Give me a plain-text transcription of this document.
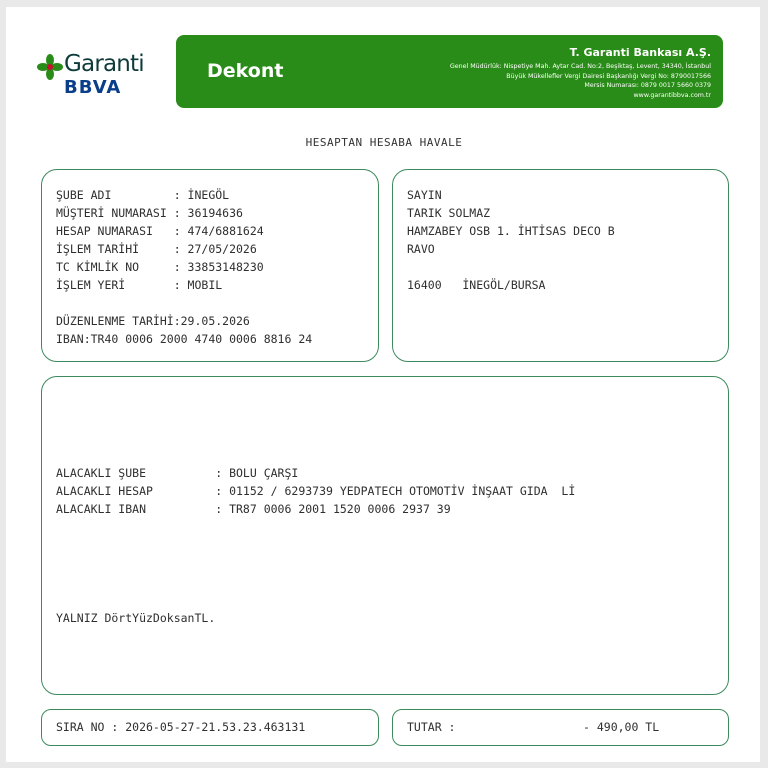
Garanti
BBVA
Dekont
T. Garanti Bankası A.Ş.
Genel Müdürlük: Nispetiye Mah. Aytar Cad. No:2, Beşiktaş, Levent, 34340, İstanbul
Büyük Mükellefler Vergi Dairesi Başkanlığı Vergi No: 8790017566
Mersis Numarası: 0879 0017 5660 0379
www.garantibbva.com.tr
HESAPTAN HESABA HAVALE
ŞUBE ADI         : İNEGÖL
MÜŞTERİ NUMARASI : 36194636
HESAP NUMARASI   : 474/6881624
İŞLEM TARİHİ     : 27/05/2026
TC KİMLİK NO     : 33853148230
İŞLEM YERİ       : MOBIL
DÜZENLENME TARİHİ:29.05.2026
IBAN:TR40 0006 2000 4740 0006 8816 24
SAYIN
TARIK SOLMAZ
HAMZABEY OSB 1. İHTİSAS DECO B
RAVO
16400   İNEGÖL/BURSA
ALACAKLI ŞUBE          : BOLU ÇARŞI
ALACAKLI HESAP         : 01152 / 6293739 YEDPATECH OTOMOTİV İNŞAAT GIDA  Lİ
ALACAKLI IBAN          : TR87 0006 2001 1520 0006 2937 39
YALNIZ DörtYüzDoksanTL.
SIRA NO : 2026-05-27-21.53.23.463131	TUTAR :	- 490,00 TL
